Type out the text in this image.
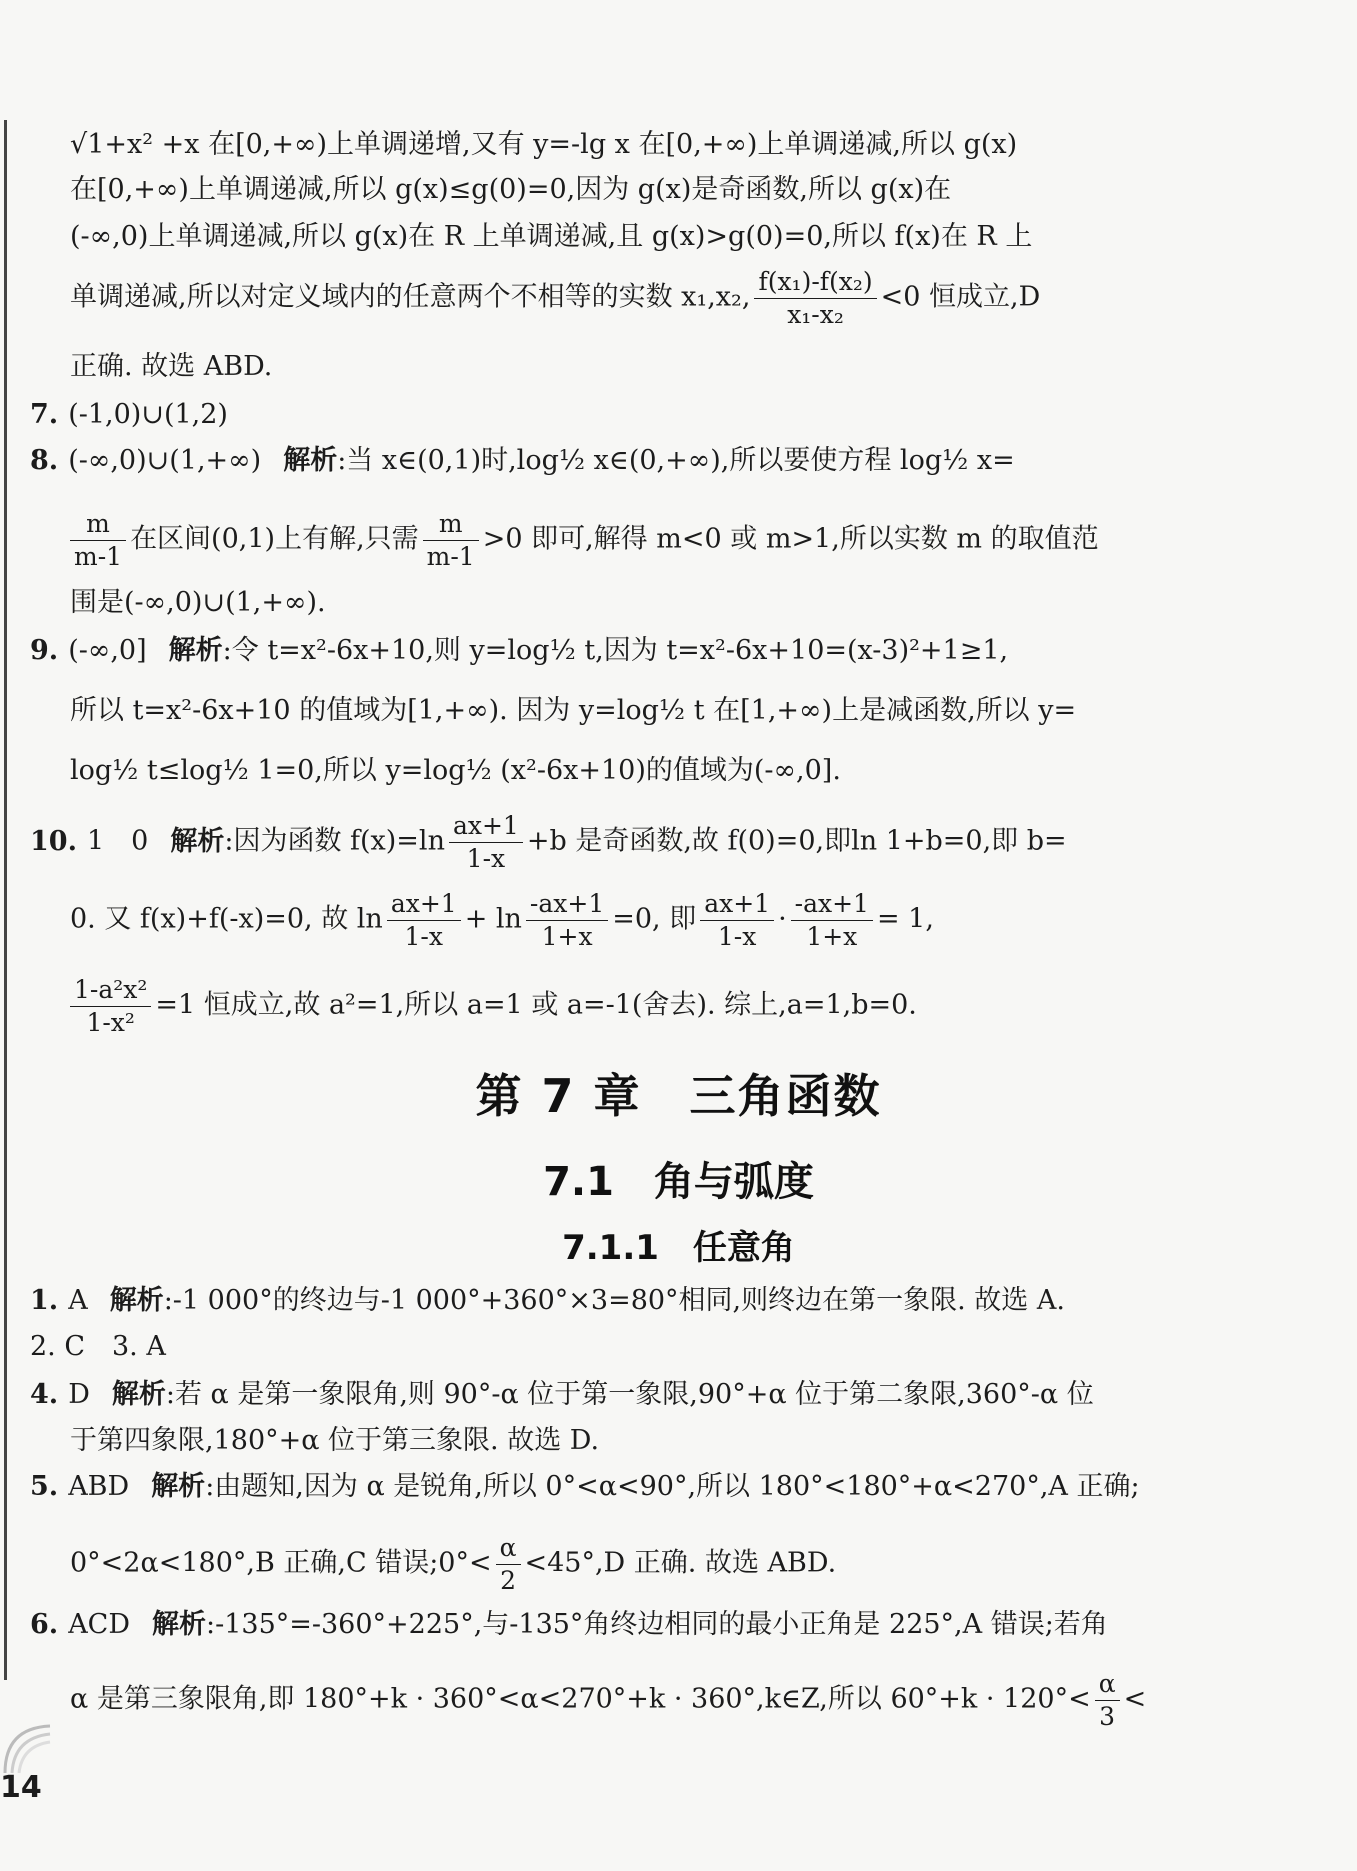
√1+x² +x 在[0,+∞)上单调递增,又有 y=-lg x 在[0,+∞)上单调递减,所以 g(x)
在[0,+∞)上单调递减,所以 g(x)≤g(0)=0,因为 g(x)是奇函数,所以 g(x)在
(-∞,0)上单调递减,所以 g(x)在 R 上单调递减,且 g(x)>g(0)=0,所以 f(x)在 R 上
单调递减,所以对定义域内的任意两个不相等的实数 x₁,x₂, $\frac{\text{f(x₁)-f(x₂)}}{\text{x₁-x₂}} <0$ 恒成立,D
正确. 故选 ABD.
7. (-1,0)∪(1,2)
8. (-∞,0)∪(1,+∞) 解析:当 x∈(0,1)时,log½ x∈(0,+∞),所以要使方程 log½ x=
$\frac{m}{m-1}$ 在区间(0,1)上有解,只需 $\frac{m}{m-1} >0$ 即可,解得 m<0 或 m>1,所以实数 m 的取值范
围是(-∞,0)∪(1,+∞).
9. (-∞,0] 解析:令 t=x²-6x+10,则 y=log½ t,因为 t=x²-6x+10=(x-3)²+1≥1,
所以 t=x²-6x+10 的值域为[1,+∞). 因为 y=log½ t 在[1,+∞)上是减函数,所以 y=
log½ t≤log½ 1=0,所以 y=log½ (x²-6x+10)的值域为(-∞,0].
10. 1　0 解析:因为函数 $f(x)=\ln \frac{ax+1}{1-x} +b$ 是奇函数,故 f(0)=0,即ln 1+b=0,即 b=
0. 又 f(x)+f(-x)=0, 故 $\ln \frac{ax+1}{1-x} + \ln \frac{-ax+1}{1+x} =0$, 即 $\frac{ax+1}{1-x} \cdot \frac{-ax+1}{1+x} = 1$,
$\frac{\text{1-a²x²}}{\text{1-x²}} =1$ 恒成立,故 a²=1,所以 a=1 或 a=-1(舍去). 综上,a=1,b=0.
第 7 章　三角函数
7.1　角与弧度
7.1.1　任意角
1. A 解析:-1 000°的终边与-1 000°+360°×3=80°相同,则终边在第一象限. 故选 A.
2. C　3. A
4. D 解析:若 α 是第一象限角,则 90°-α 位于第一象限,90°+α 位于第二象限,360°-α 位
于第四象限,180°+α 位于第三象限. 故选 D.
5. ABD 解析:由题知,因为 α 是锐角,所以 0°<α<90°,所以 180°<180°+α<270°,A 正确;
0°<2α<180°,B 正确,C 错误;0°< $\frac{\alpha}{2} <45^\circ,D$ 正确. 故选 ABD.
6. ACD 解析:-135°=-360°+225°,与-135°角终边相同的最小正角是 225°,A 错误;若角
α 是第三象限角,即 180°+k · 360°<α<270°+k · 360°,k∈Z,所以 $60^\circ+k \cdot 120^\circ< \frac{\alpha}{3}$ <
14
